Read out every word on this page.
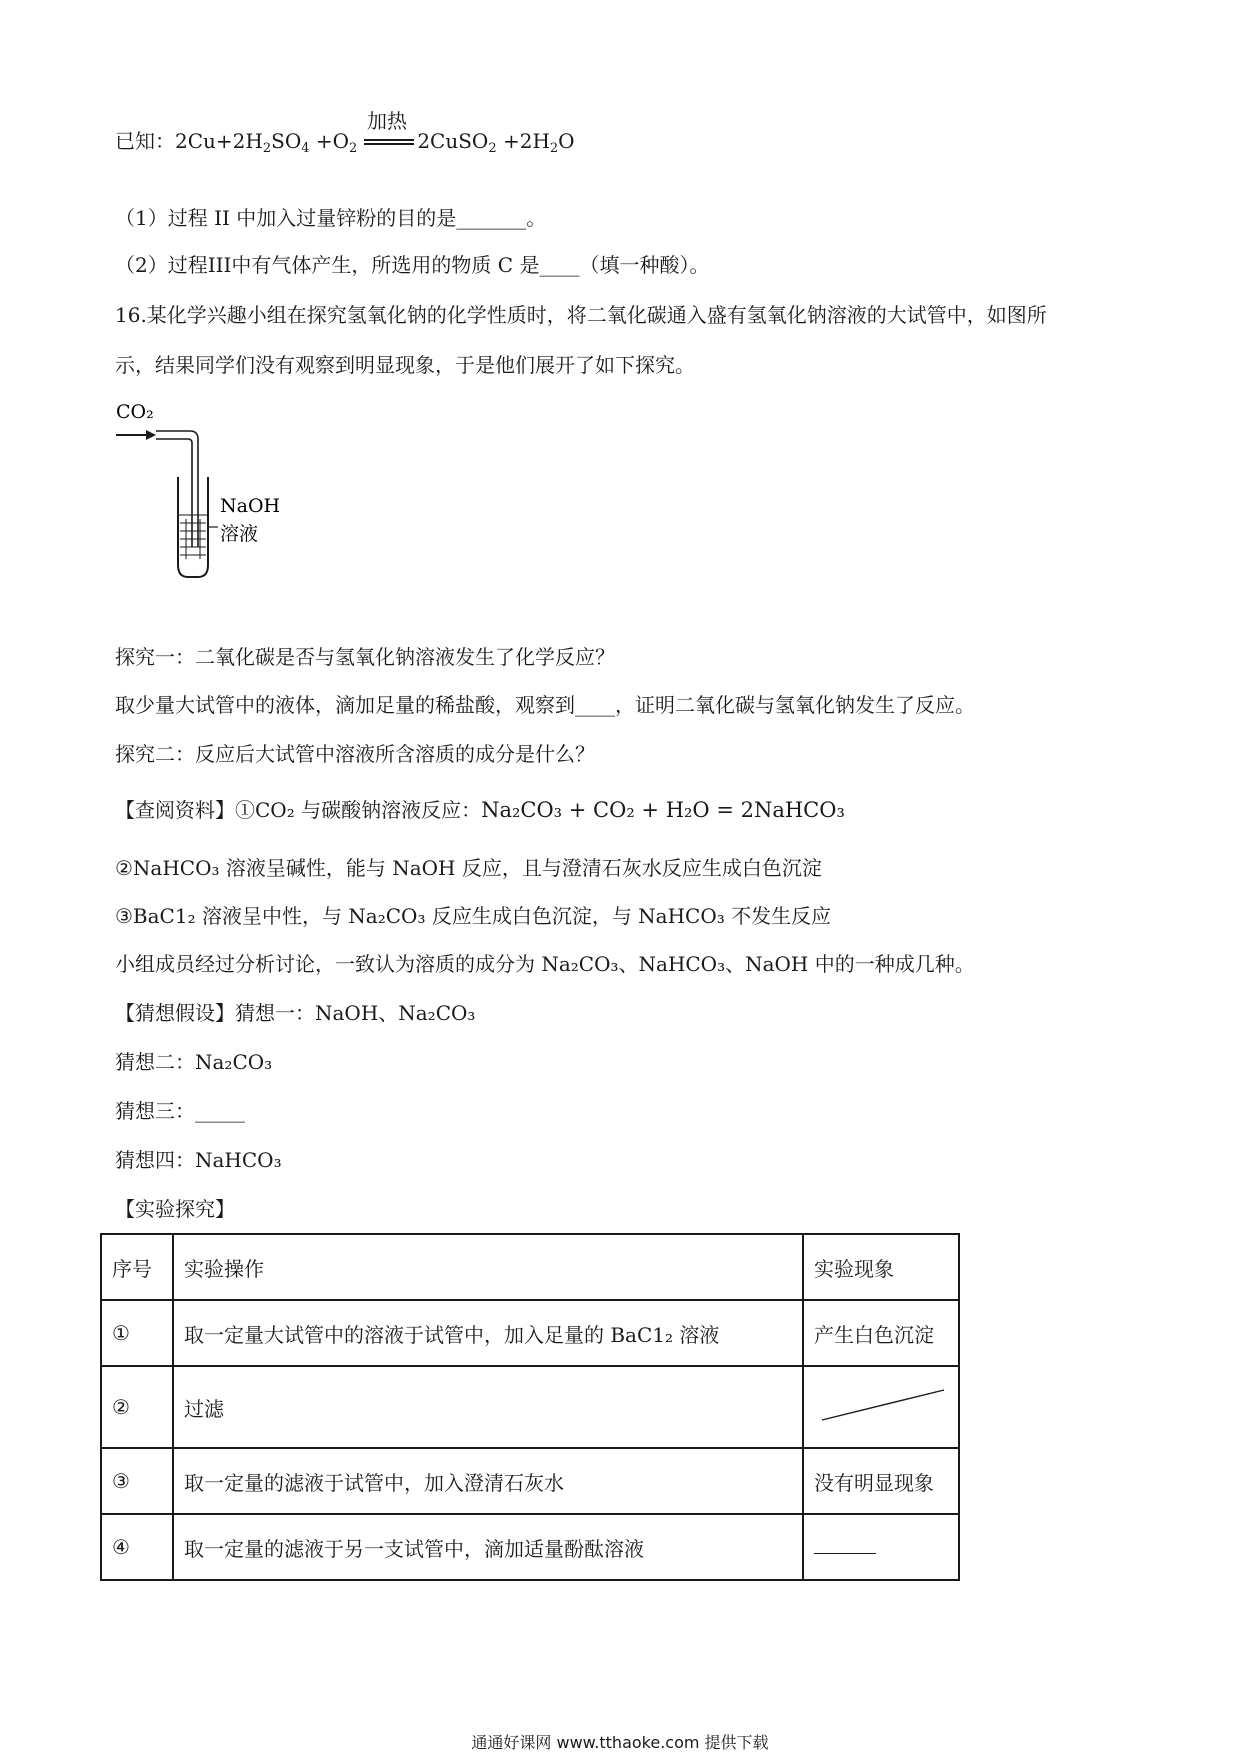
已知：$2Cu+2H_2SO_4 +O_2$	2CuSO$_2$ $+2H_2O$
加热
（1）过程 II 中加入过量锌粉的目的是_______。
（2）过程III中有气体产生，所选用的物质 C 是____（填一种酸）。
16.某化学兴趣小组在探究氢氧化钠的化学性质时，将二氧化碳通入盛有氢氧化钠溶液的大试管中，如图所
示，结果同学们没有观察到明显现象，于是他们展开了如下探究。
CO₂
NaOH
溶液
探究一：二氧化碳是否与氢氧化钠溶液发生了化学反应？
取少量大试管中的液体，滴加足量的稀盐酸，观察到____，证明二氧化碳与氢氧化钠发生了反应。
探究二：反应后大试管中溶液所含溶质的成分是什么？
【查阅资料】①CO₂ 与碳酸钠溶液反应：Na₂CO₃ + CO₂ + H₂O = 2NaHCO₃
②NaHCO₃ 溶液呈碱性，能与 NaOH 反应，且与澄清石灰水反应生成白色沉淀
③BaC1₂ 溶液呈中性，与 Na₂CO₃ 反应生成白色沉淀，与 NaHCO₃ 不发生反应
小组成员经过分析讨论，一致认为溶质的成分为 Na₂CO₃、NaHCO₃、NaOH 中的一种成几种。
【猜想假设】猜想一：NaOH、Na₂CO₃
猜想二：Na₂CO₃
猜想三：_____
猜想四：NaHCO₃
【实验探究】
序号	实验操作	实验现象
①	取一定量大试管中的溶液于试管中，加入足量的 BaC1₂ 溶液	产生白色沉淀
②	过滤	
③	取一定量的滤液于试管中，加入澄清石灰水	没有明显现象
④	取一定量的滤液于另一支试管中，滴加适量酚酞溶液	
通通好课网 www.tthaoke.com 提供下载
